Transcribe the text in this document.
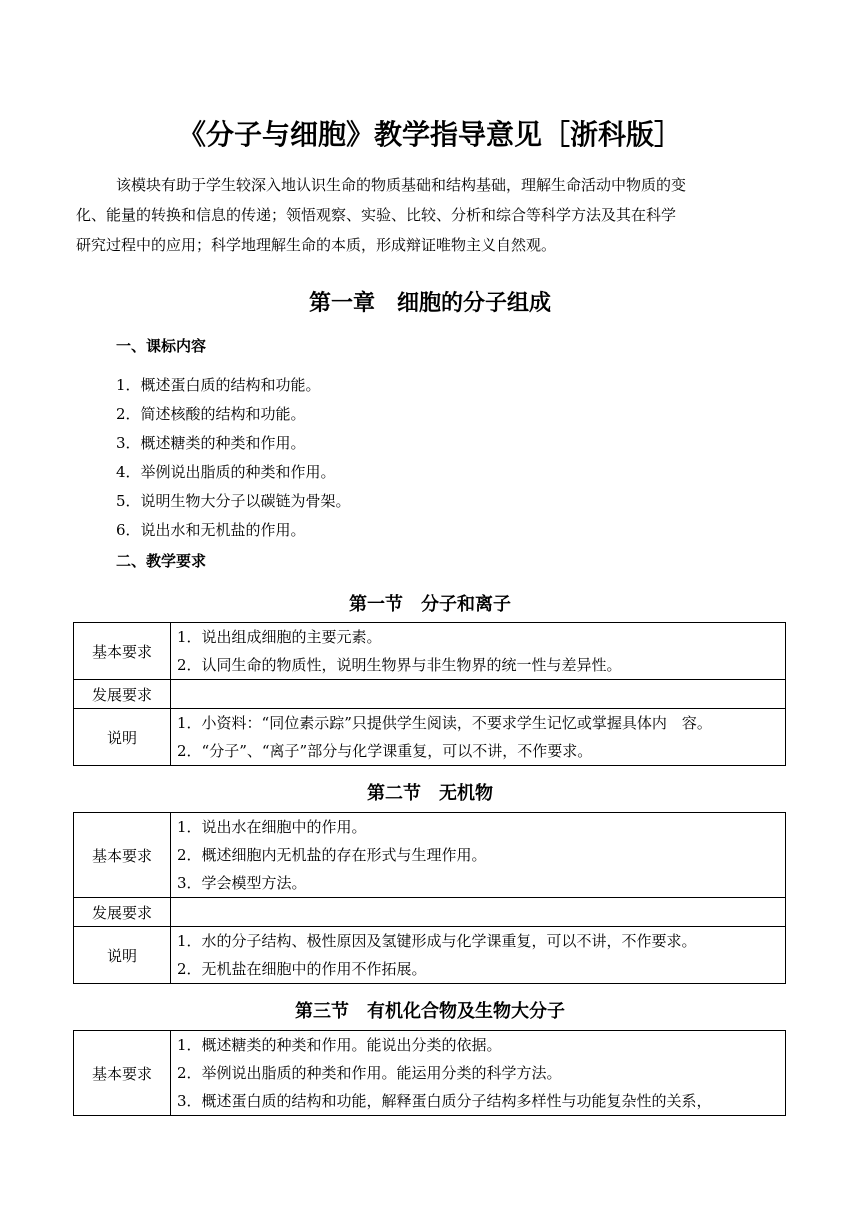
《分子与细胞》教学指导意见［浙科版］
该模块有助于学生较深入地认识生命的物质基础和结构基础，理解生命活动中物质的变
化、能量的转换和信息的传递；领悟观察、实验、比较、分析和综合等科学方法及其在科学
研究过程中的应用；科学地理解生命的本质，形成辩证唯物主义自然观。
第一章　细胞的分子组成
一、课标内容
1．概述蛋白质的结构和功能。
2．简述核酸的结构和功能。
3．概述糖类的种类和作用。
4．举例说出脂质的种类和作用。
5．说明生物大分子以碳链为骨架。
6．说出水和无机盐的作用。
二、教学要求
第一节　分子和离子
基本要求	1．说出组成细胞的主要元素。
2．认同生命的物质性，说明生物界与非生物界的统一性与差异性。

发展要求	

说明	1．小资料：“同位素示踪”只提供学生阅读，不要求学生记忆或掌握具体内　容。
2．“分子”、“离子”部分与化学课重复，可以不讲，不作要求。
第二节　无机物
基本要求	1．说出水在细胞中的作用。
2．概述细胞内无机盐的存在形式与生理作用。
3．学会模型方法。

发展要求	

说明	1．水的分子结构、极性原因及氢键形成与化学课重复，可以不讲，不作要求。
2．无机盐在细胞中的作用不作拓展。
第三节　有机化合物及生物大分子
基本要求	
1．概述糖类的种类和作用。能说出分类的依据。
2．举例说出脂质的种类和作用。能运用分类的科学方法。
3．概述蛋白质的结构和功能，解释蛋白质分子结构多样性与功能复杂性的关系，
